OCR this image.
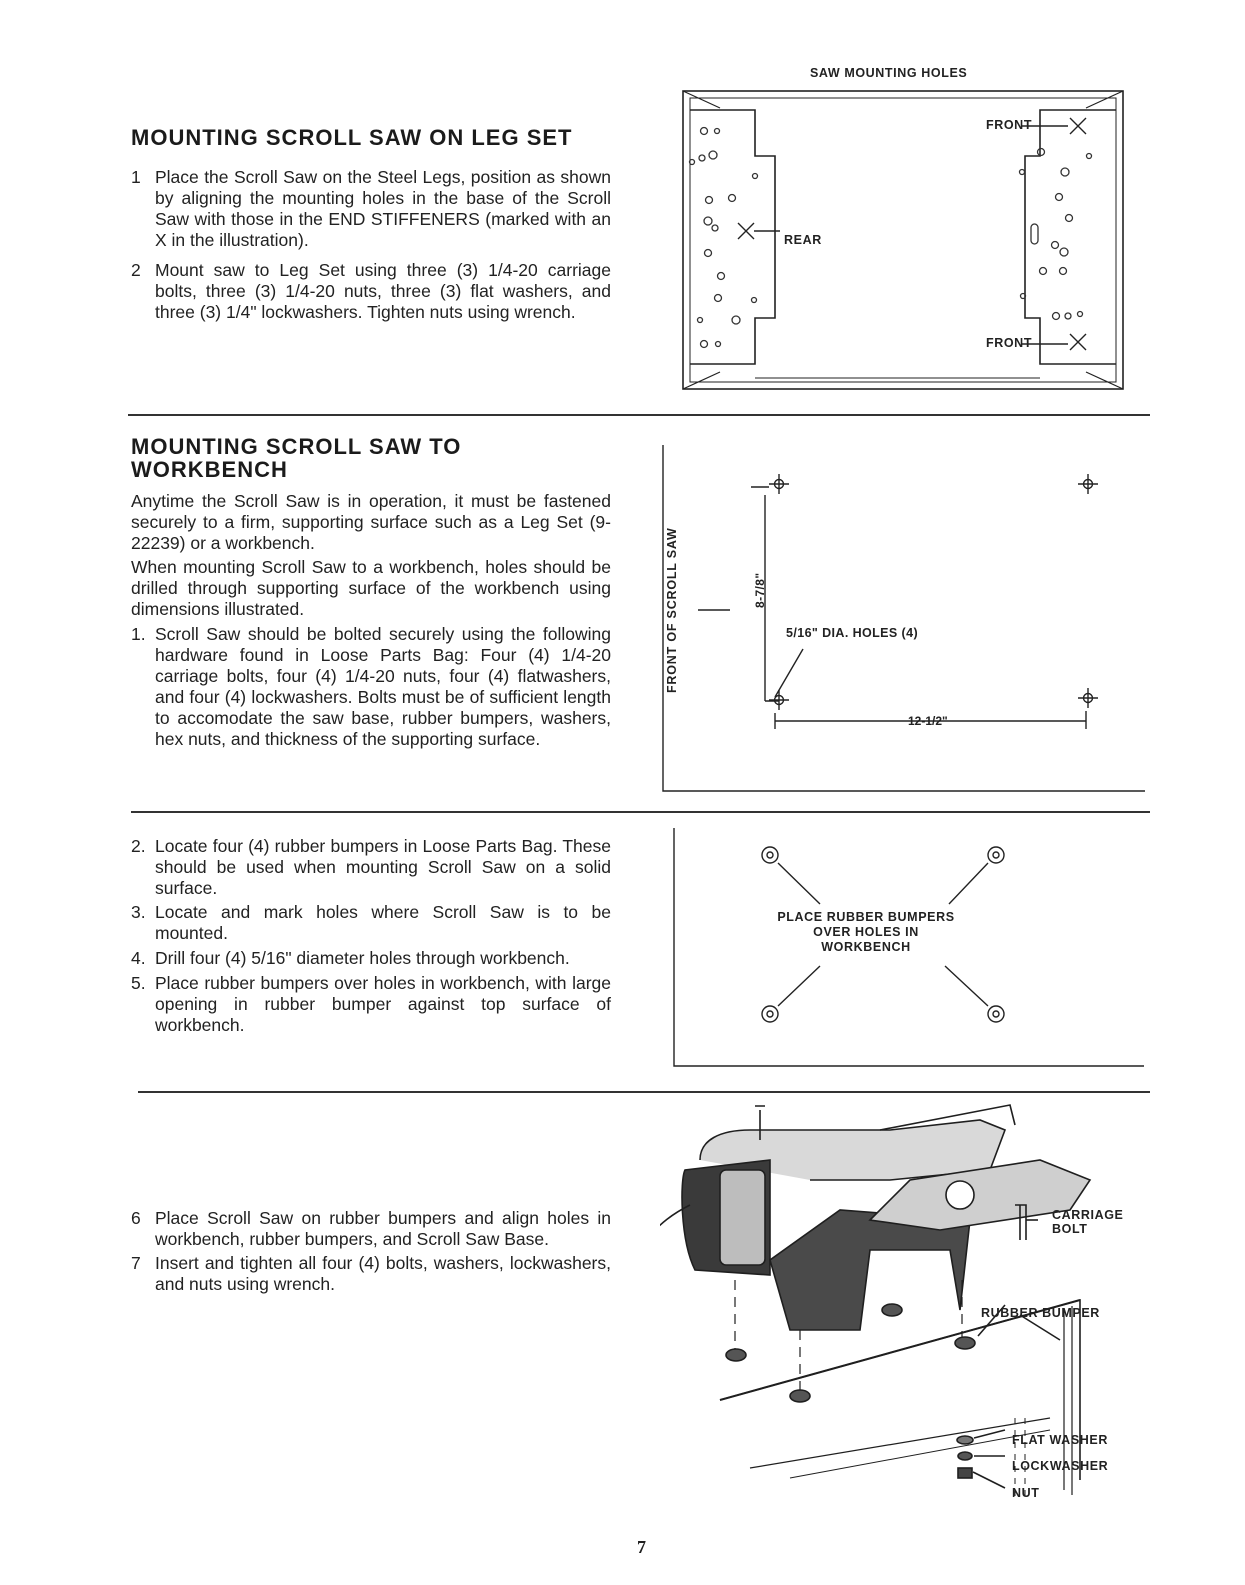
MOUNTING SCROLL SAW ON LEG SET
1 Place the Scroll Saw on the Steel Legs, position as shown by aligning the mounting holes in the base of the Scroll Saw with those in the END STIFFENERS (marked with an X in the illustration).
2 Mount saw to Leg Set using three (3) 1/4-20 carriage bolts, three (3) 1/4-20 nuts, three (3) flat washers, and three (3) 1/4" lockwashers. Tighten nuts using wrench.
SAW MOUNTING HOLES
FRONT
FRONT
REAR
MOUNTING SCROLL SAW TO
WORKBENCH

Anytime the Scroll Saw is in operation, it must be fastened securely to a firm, supporting surface such as a Leg Set (9-22239) or a workbench.

When mounting Scroll Saw to a workbench, holes should be drilled through supporting surface of the workbench using dimensions illustrated.

1. Scroll Saw should be bolted securely using the following hardware found in Loose Parts Bag: Four (4) 1/4-20 carriage bolts, four (4) 1/4-20 nuts, four (4) flatwashers, and four (4) lockwashers. Bolts must be of sufficient length to accomodate the saw base, rubber bumpers, washers, hex nuts, and thickness of the supporting surface.
FRONT OF SCROLL SAW	8-7/8"
5/16" DIA. HOLES (4)
12-1/2"
2. Locate four (4) rubber bumpers in Loose Parts Bag. These should be used when mounting Scroll Saw on a solid surface.
3. Locate and mark holes where Scroll Saw is to be mounted.
4. Drill four (4) 5/16" diameter holes through workbench.
5. Place rubber bumpers over holes in workbench, with large opening in rubber bumper against top surface of workbench.
PLACE RUBBER BUMPERS
OVER HOLES IN
WORKBENCH
6 Place Scroll Saw on rubber bumpers and align holes in workbench, rubber bumpers, and Scroll Saw Base.
7 Insert and tighten all four (4) bolts, washers, lockwashers, and nuts using wrench.
CARRIAGE
BOLT
RUBBER BUMPER
FLAT WASHER
LOCKWASHER
NUT
7
